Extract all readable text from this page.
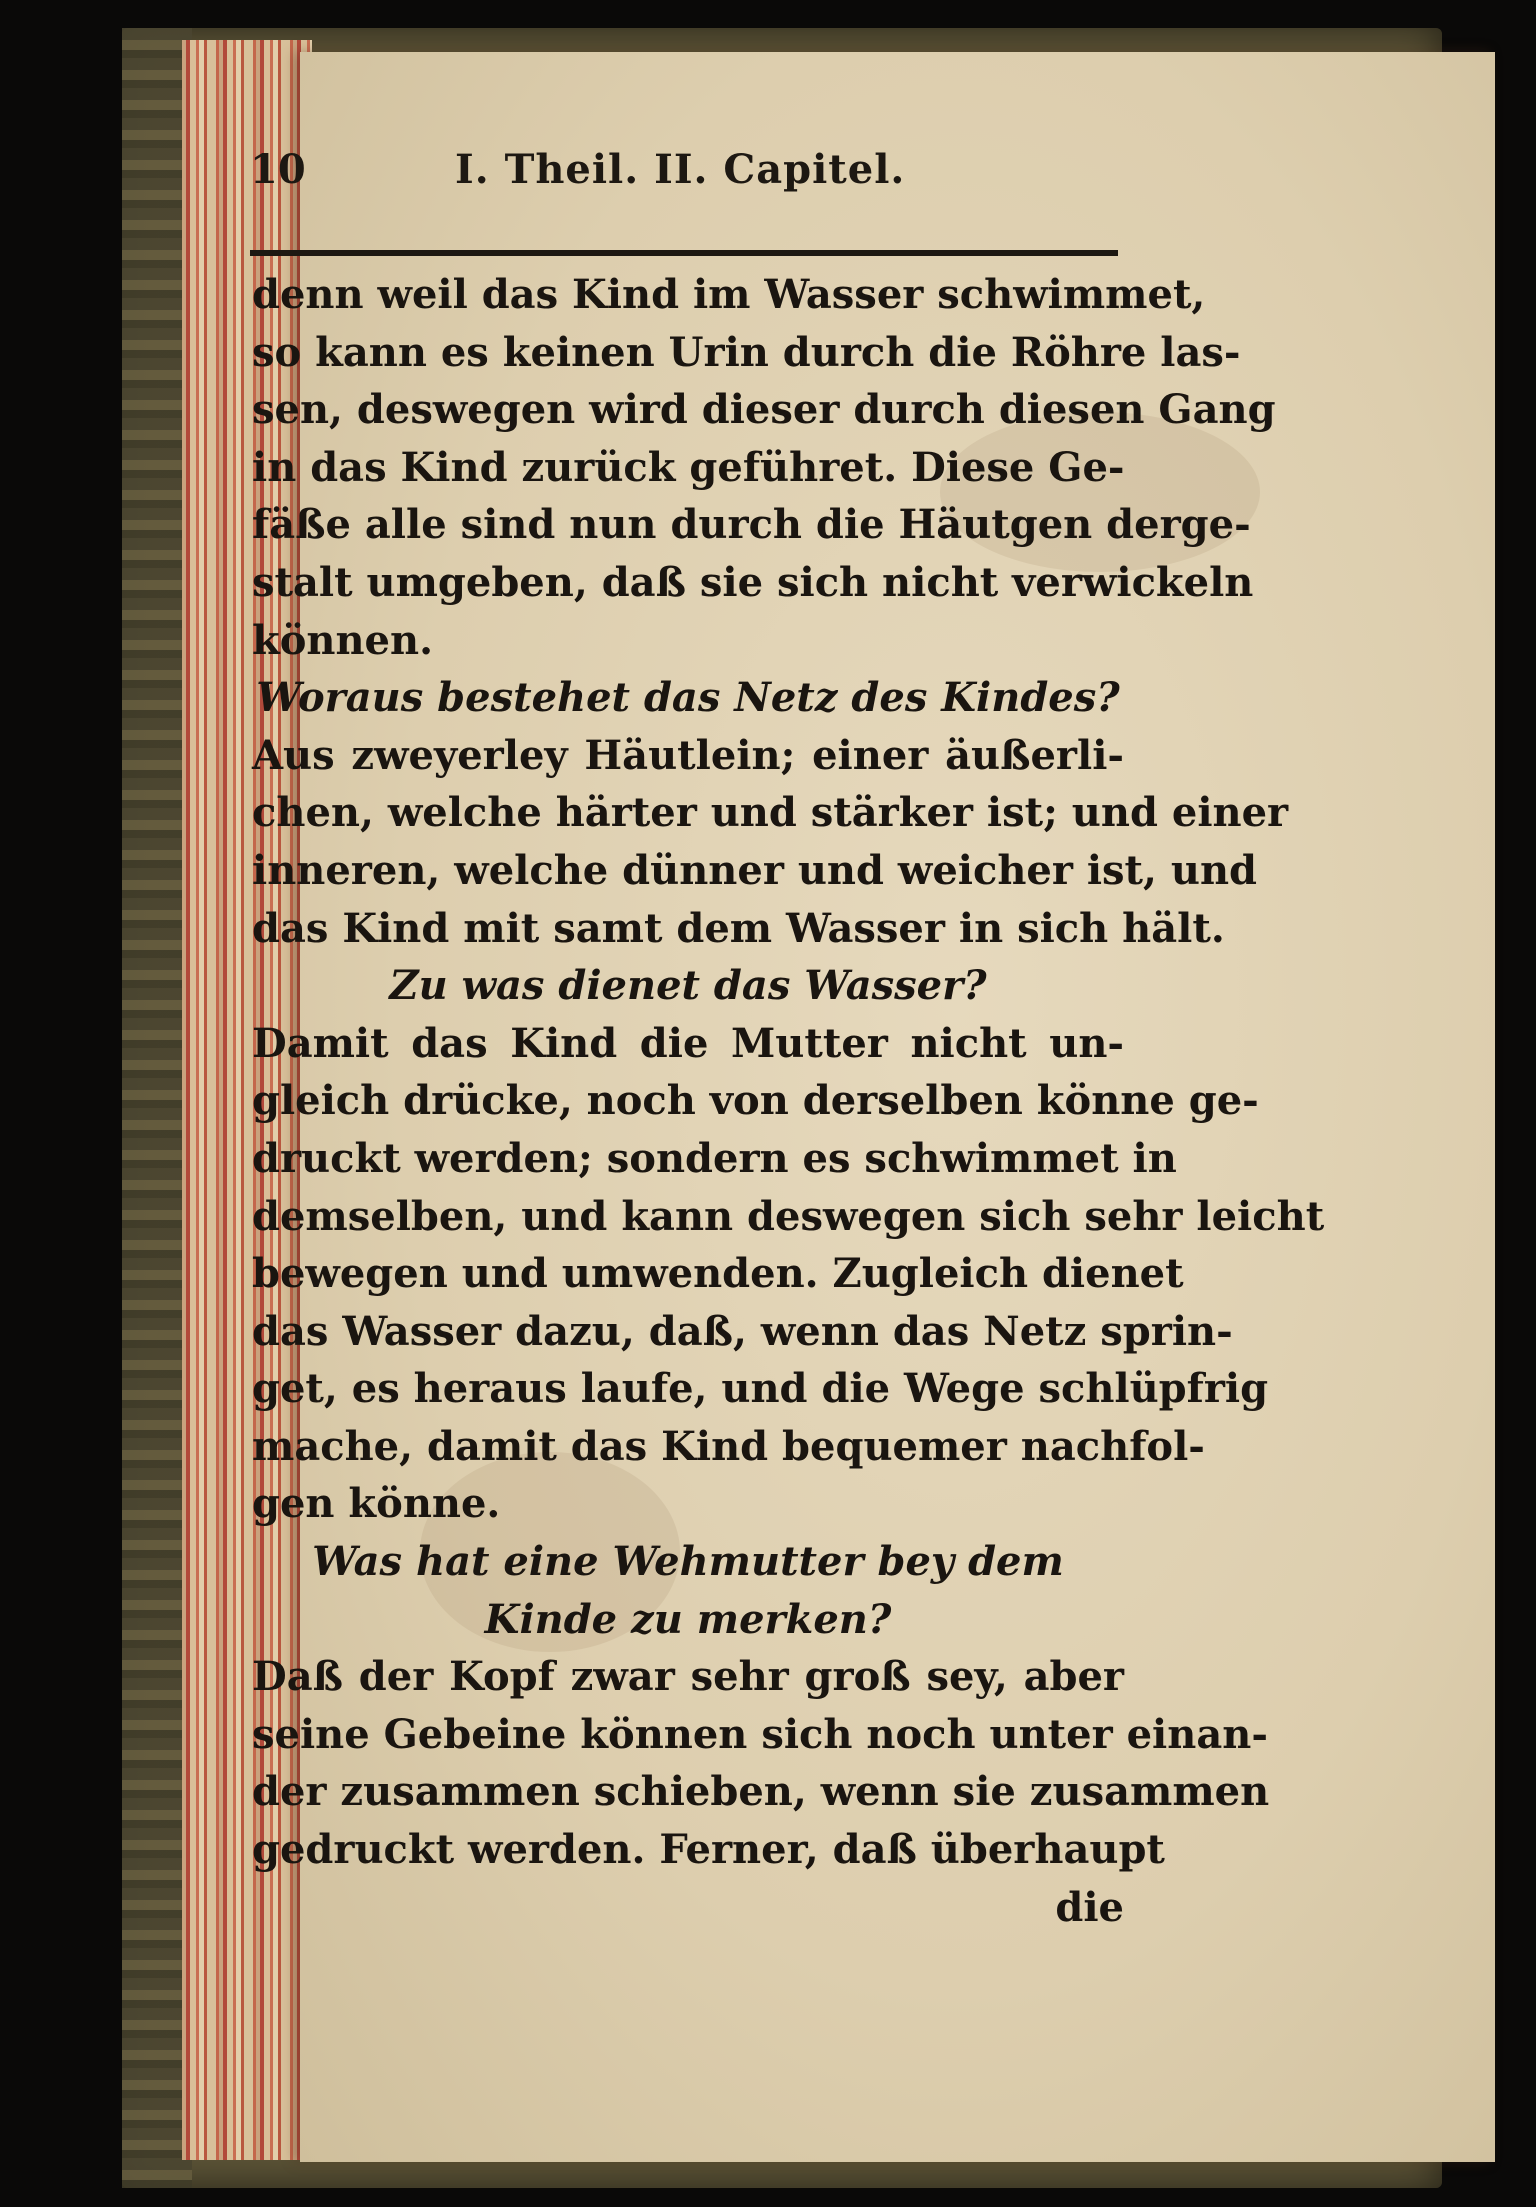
10	I. Theil. II. Capitel.
denn weil das Kind im Wasser schwimmet,
so kann es keinen Urin durch die Röhre las-
sen, deswegen wird dieser durch diesen Gang
in das Kind zurück geführet. Diese Ge-
fäße alle sind nun durch die Häutgen derge-
stalt umgeben, daß sie sich nicht verwickeln
können.
Woraus bestehet das Netz des Kindes?
Aus zweyerley Häutlein; einer äußerli-
chen, welche härter und stärker ist; und einer
inneren, welche dünner und weicher ist, und
das Kind mit samt dem Wasser in sich hält.
Zu was dienet das Wasser?
Damit das Kind die Mutter nicht un-
gleich drücke, noch von derselben könne ge-
druckt werden; sondern es schwimmet in
demselben, und kann deswegen sich sehr leicht
bewegen und umwenden. Zugleich dienet
das Wasser dazu, daß, wenn das Netz sprin-
get, es heraus laufe, und die Wege schlüpfrig
mache, damit das Kind bequemer nachfol-
gen könne.
Was hat eine Wehmutter bey dem
Kinde zu merken?
Daß der Kopf zwar sehr groß sey, aber
seine Gebeine können sich noch unter einan-
der zusammen schieben, wenn sie zusammen
gedruckt werden. Ferner, daß überhaupt
die
